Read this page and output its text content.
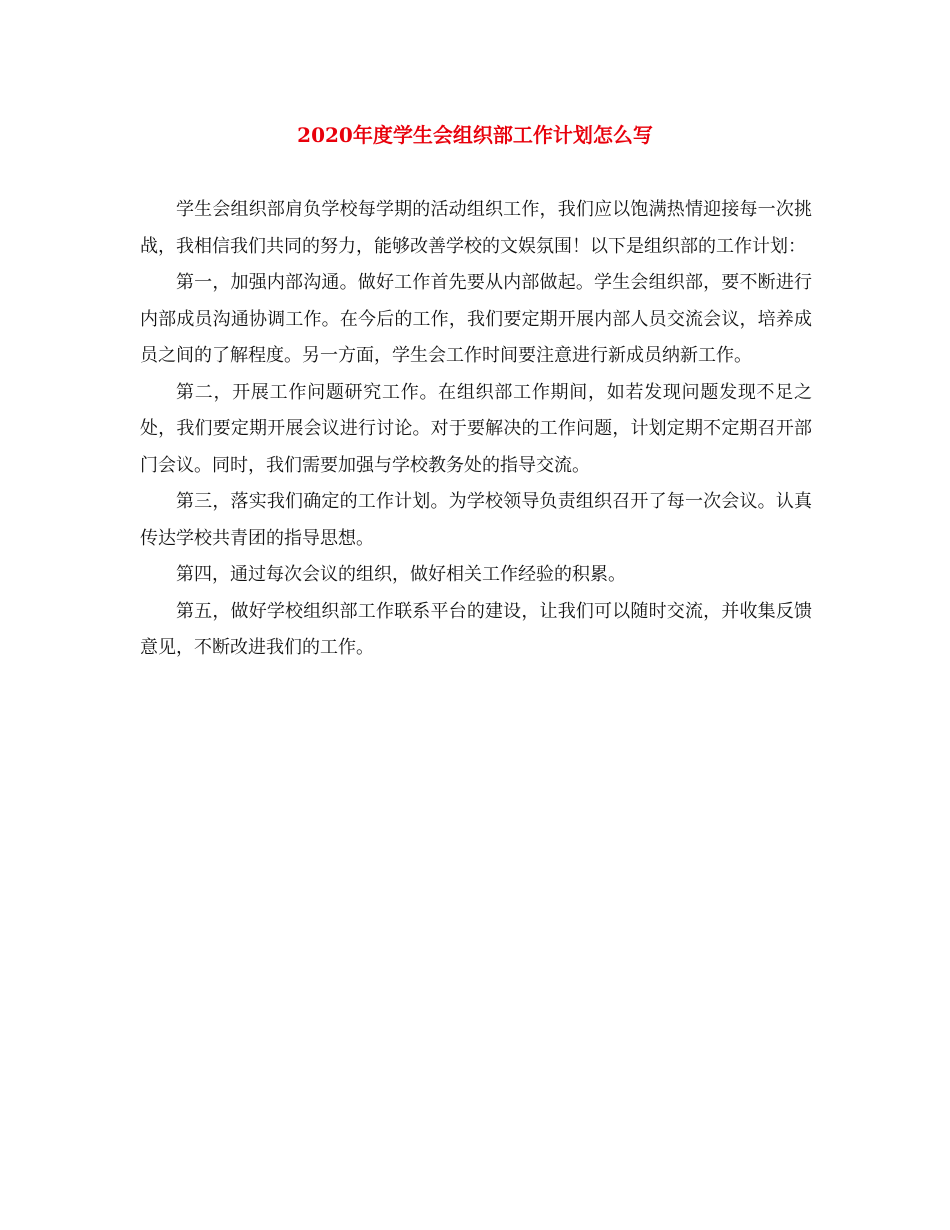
2020年度学生会组织部工作计划怎么写

学生会组织部肩负学校每学期的活动组织工作，我们应以饱满热情迎接每一次挑战，我相信我们共同的努力，能够改善学校的文娱氛围！以下是组织部的工作计划：

第一，加强内部沟通。做好工作首先要从内部做起。学生会组织部，要不断进行内部成员沟通协调工作。在今后的工作，我们要定期开展内部人员交流会议，培养成员之间的了解程度。另一方面，学生会工作时间要注意进行新成员纳新工作。

第二，开展工作问题研究工作。在组织部工作期间，如若发现问题发现不足之处，我们要定期开展会议进行讨论。对于要解决的工作问题，计划定期不定期召开部门会议。同时，我们需要加强与学校教务处的指导交流。

第三，落实我们确定的工作计划。为学校领导负责组织召开了每一次会议。认真传达学校共青团的指导思想。

第四，通过每次会议的组织，做好相关工作经验的积累。

第五，做好学校组织部工作联系平台的建设，让我们可以随时交流，并收集反馈意见，不断改进我们的工作。
